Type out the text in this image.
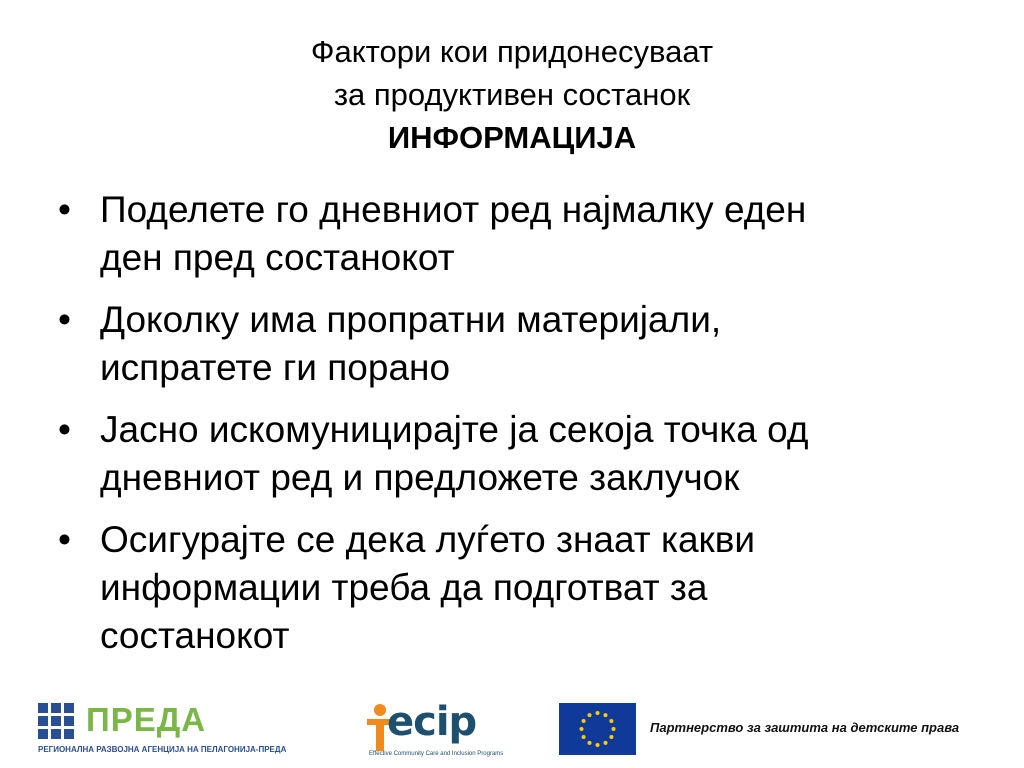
Фактори кои придонесуваат
за продуктивен состанок
ИНФОРМАЦИЈА
• Поделете го дневниот ред најмалку еден
ден пред состанокот
• Доколку има пропратни материјали,
испратете ги порано
• Јасно искомуницирајте ја секоја точка од
дневниот ред и предложете заклучок
• Осигурајте се дека луѓето знаат какви
информации треба да подготват за
состанокот
ПРЕДА
РЕГИОНАЛНА РАЗВОЈНА АГЕНЦИЈА НА ПЕЛАГОНИЈА-ПРЕДА
ecip
Effective Community Care and Inclusion Programs
Партнерство за заштита на детските права
